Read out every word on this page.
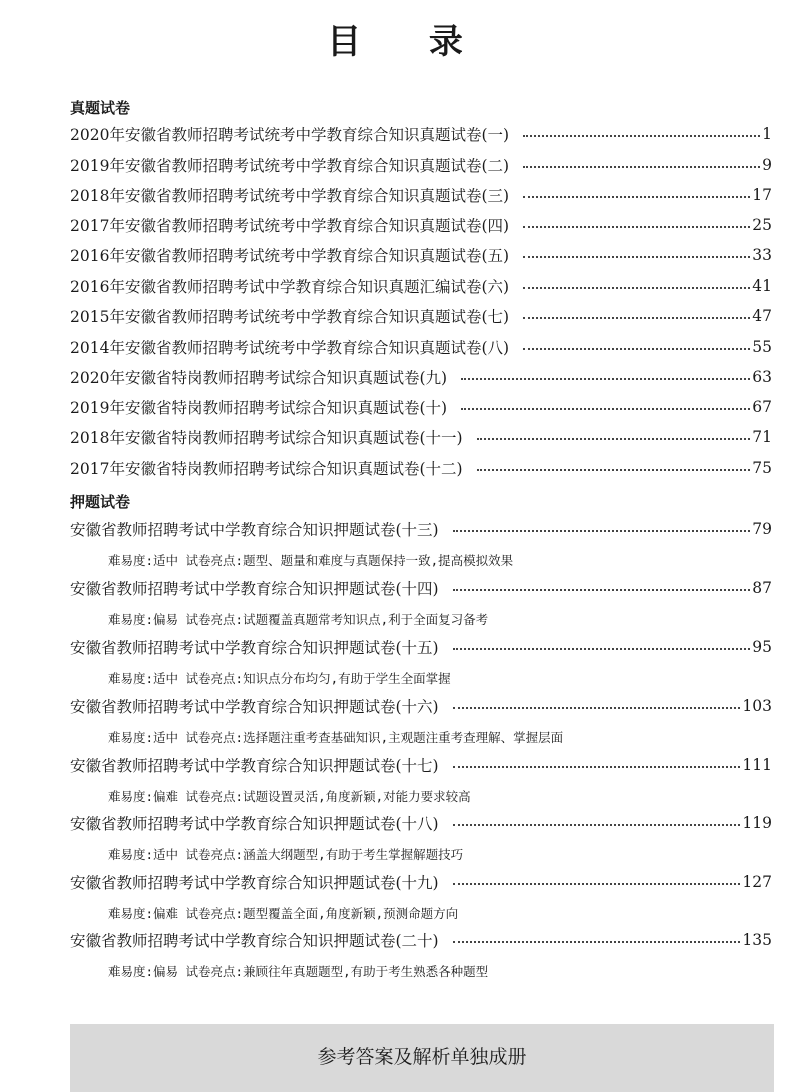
目 录
真题试卷
2020年安徽省教师招聘考试统考中学教育综合知识真题试卷(一)	1
2019年安徽省教师招聘考试统考中学教育综合知识真题试卷(二)	9
2018年安徽省教师招聘考试统考中学教育综合知识真题试卷(三)	17
2017年安徽省教师招聘考试统考中学教育综合知识真题试卷(四)	25
2016年安徽省教师招聘考试统考中学教育综合知识真题试卷(五)	33
2016年安徽省教师招聘考试中学教育综合知识真题汇编试卷(六)	41
2015年安徽省教师招聘考试统考中学教育综合知识真题试卷(七)	47
2014年安徽省教师招聘考试统考中学教育综合知识真题试卷(八)	55
2020年安徽省特岗教师招聘考试综合知识真题试卷(九)	63
2019年安徽省特岗教师招聘考试综合知识真题试卷(十)	67
2018年安徽省特岗教师招聘考试综合知识真题试卷(十一)	71
2017年安徽省特岗教师招聘考试综合知识真题试卷(十二)	75
押题试卷
安徽省教师招聘考试中学教育综合知识押题试卷(十三)	79
难易度:适中 试卷亮点:题型、题量和难度与真题保持一致,提高模拟效果
安徽省教师招聘考试中学教育综合知识押题试卷(十四)	87
难易度:偏易 试卷亮点:试题覆盖真题常考知识点,利于全面复习备考
安徽省教师招聘考试中学教育综合知识押题试卷(十五)	95
难易度:适中 试卷亮点:知识点分布均匀,有助于学生全面掌握
安徽省教师招聘考试中学教育综合知识押题试卷(十六)	103
难易度:适中 试卷亮点:选择题注重考查基础知识,主观题注重考查理解、掌握层面
安徽省教师招聘考试中学教育综合知识押题试卷(十七)	111
难易度:偏难 试卷亮点:试题设置灵活,角度新颖,对能力要求较高
安徽省教师招聘考试中学教育综合知识押题试卷(十八)	119
难易度:适中 试卷亮点:涵盖大纲题型,有助于考生掌握解题技巧
安徽省教师招聘考试中学教育综合知识押题试卷(十九)	127
难易度:偏难 试卷亮点:题型覆盖全面,角度新颖,预测命题方向
安徽省教师招聘考试中学教育综合知识押题试卷(二十)	135
难易度:偏易 试卷亮点:兼顾往年真题题型,有助于考生熟悉各种题型
参考答案及解析单独成册
